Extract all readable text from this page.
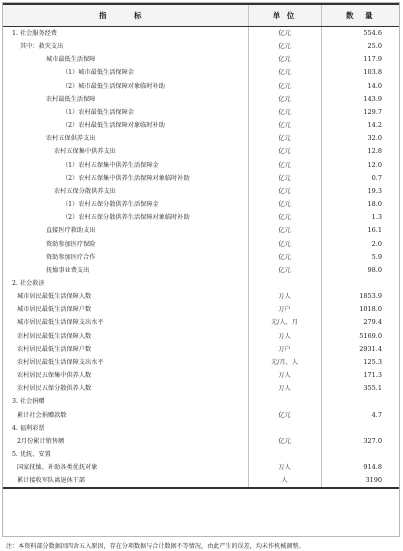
指　标	单 位	数　量
1. 社会服务经费	亿元	554.6
其中：救灾支出	亿元	25.0
城市最低生活保障	亿元	117.9
（1）城市最低生活保障金	亿元	103.8
（2）城市最低生活保障对象临时补助	亿元	14.0
农村最低生活保障	亿元	143.9
（1）农村最低生活保障金	亿元	129.7
（2）农村最低生活保障对象临时补助	亿元	14.2
农村五保供养支出	亿元	32.0
农村五保集中供养支出	亿元	12.8
（1）农村五保集中供养生活保障金	亿元	12.0
（2）农村五保集中供养生活保障对象临时补助	亿元	0.7
农村五保分散供养支出	亿元	19.3
（1）农村五保分散供养生活保障金	亿元	18.0
（2）农村五保分散供养生活保障对象临时补助	亿元	1.3
直接医疗救助支出	亿元	16.1
资助参加医疗保险	亿元	2.0
资助参加医疗合作	亿元	5.9
抚恤事业费支出	亿元	98.0
2. 社会救济		
城市居民最低生活保障人数	万人	1853.9
城市居民最低生活保障户数	万户	1018.0
城市居民最低生活保障支出水平	元/人、月	279.4
农村居民最低生活保障人数	万人	5169.0
农村居民最低生活保障户数	万户	2931.4
农村居民最低生活保障支出水平	元/月、人	125.3
农村居民五保集中供养人数	万人	171.3
农村居民五保分散供养人数	万人	355.1
3. 社会捐赠		
累计社会捐赠款数	亿元	4.7
4. 福利彩票		
2月份累计销售额	亿元	327.0
5. 优抚、安置		
国家抚恤、补助各类优抚对象	万人	914.8
累计接收军队离退休干部	人	3190
注：本资料部分数据因四舍五入原因，存在分项数据与合计数据不等情况，由此产生的误差，均未作机械调整。
